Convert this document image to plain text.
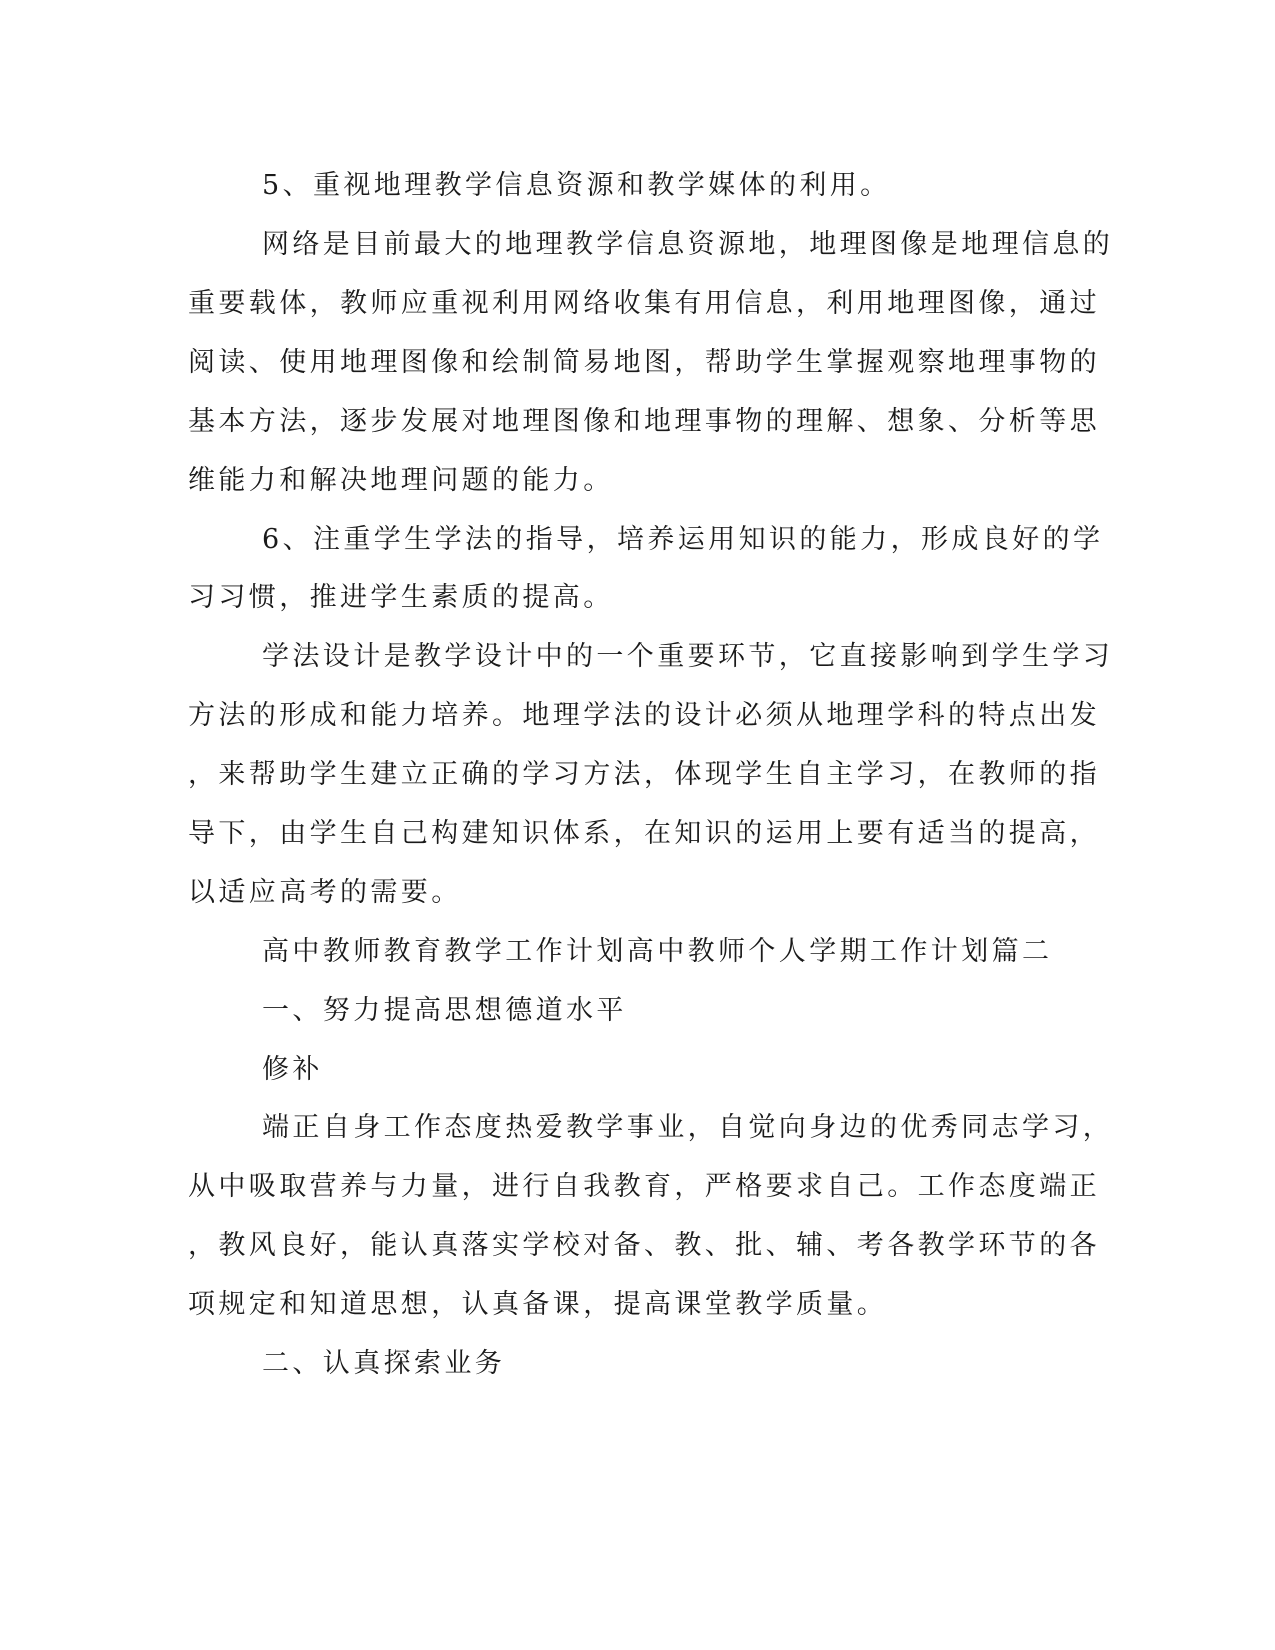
5、重视地理教学信息资源和教学媒体的利用。
网络是目前最大的地理教学信息资源地，地理图像是地理信息的
重要载体，教师应重视利用网络收集有用信息，利用地理图像，通过
阅读、使用地理图像和绘制简易地图，帮助学生掌握观察地理事物的
基本方法，逐步发展对地理图像和地理事物的理解、想象、分析等思
维能力和解决地理问题的能力。
6、注重学生学法的指导，培养运用知识的能力，形成良好的学
习习惯，推进学生素质的提高。
学法设计是教学设计中的一个重要环节，它直接影响到学生学习
方法的形成和能力培养。地理学法的设计必须从地理学科的特点出发
，来帮助学生建立正确的学习方法，体现学生自主学习，在教师的指
导下，由学生自己构建知识体系，在知识的运用上要有适当的提高，
以适应高考的需要。
高中教师教育教学工作计划高中教师个人学期工作计划篇二
一、努力提高思想德道水平
修补
端正自身工作态度热爱教学事业，自觉向身边的优秀同志学习，
从中吸取营养与力量，进行自我教育，严格要求自己。工作态度端正
，教风良好，能认真落实学校对备、教、批、辅、考各教学环节的各
项规定和知道思想，认真备课，提高课堂教学质量。
二、认真探索业务
